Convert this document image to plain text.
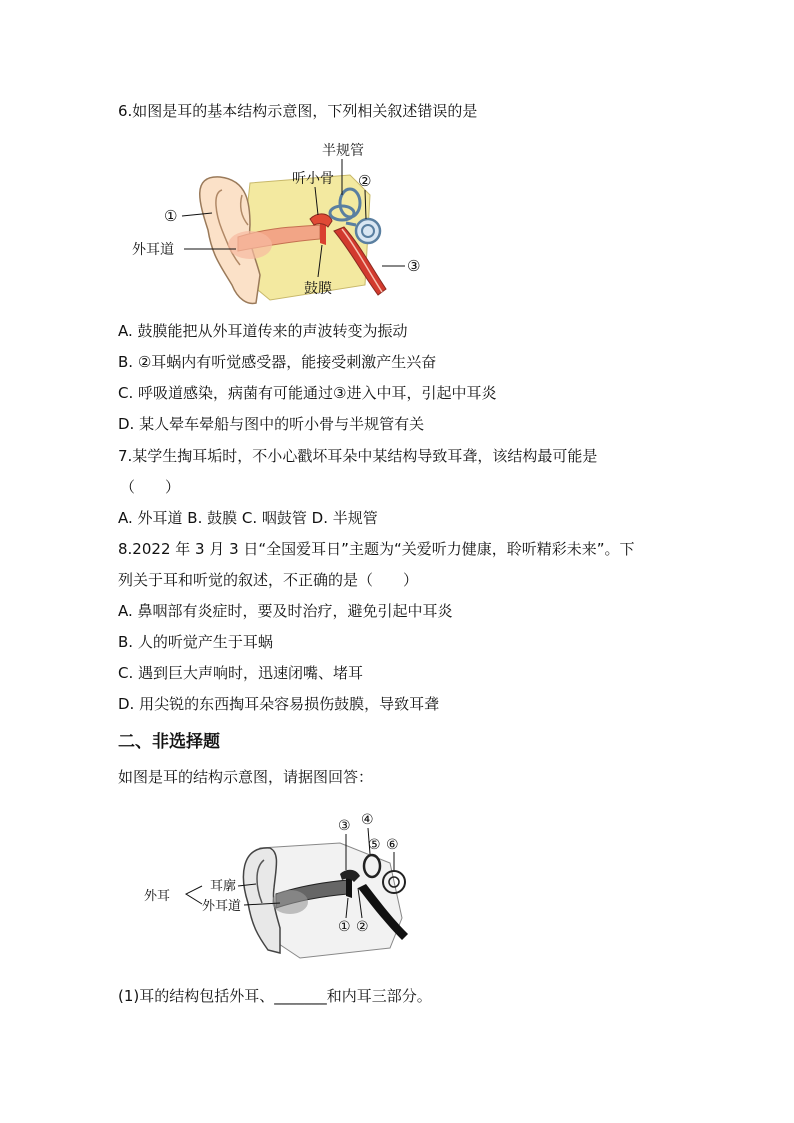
6.如图是耳的基本结构示意图，下列相关叙述错误的是
半规管
听小骨 ②
①
外耳道
③
鼓膜
A. 鼓膜能把从外耳道传来的声波转变为振动
B. ②耳蜗内有听觉感受器，能接受刺激产生兴奋
C. 呼吸道感染，病菌有可能通过③进入中耳，引起中耳炎
D. 某人晕车晕船与图中的听小骨与半规管有关
7.某学生掏耳垢时，不小心戳坏耳朵中某结构导致耳聋，该结构最可能是
（　　）
A. 外耳道 B. 鼓膜 C. 咽鼓管 D. 半规管
8.2022 年 3 月 3 日“全国爱耳日”主题为“关爱听力健康，聆听精彩未来”。下
列关于耳和听觉的叙述，不正确的是（　　）
A. 鼻咽部有炎症时，要及时治疗，避免引起中耳炎
B. 人的听觉产生于耳蜗
C. 遇到巨大声响时，迅速闭嘴、堵耳
D. 用尖锐的东西掏耳朵容易损伤鼓膜，导致耳聋
二、非选择题
如图是耳的结构示意图，请据图回答：
外耳
耳廓
外耳道
③ ④
⑤ ⑥
① ②
(1)耳的结构包括外耳、_______和内耳三部分。
